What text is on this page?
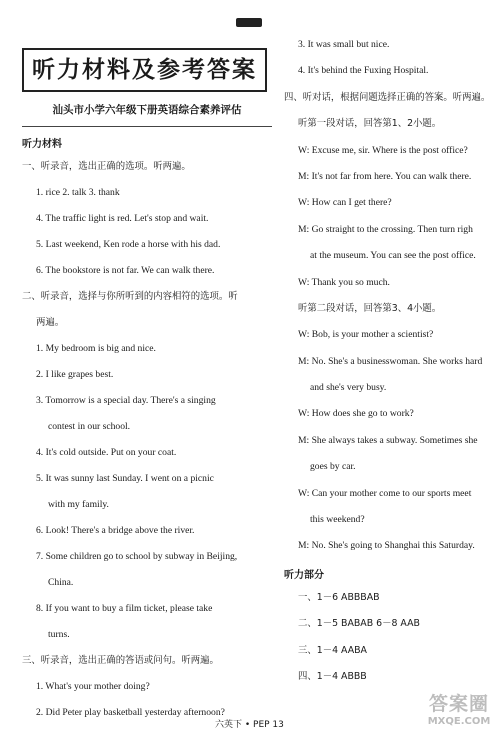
听力材料及参考答案
汕头市小学六年级下册英语综合素养评估
听力材料
一、听录音，选出正确的选项。听两遍。
1. rice 2. talk 3. thank
4. The traffic light is red. Let's stop and wait.
5. Last weekend, Ken rode a horse with his dad.
6. The bookstore is not far. We can walk there.
二、听录音，选择与你所听到的内容相符的选项。听
两遍。
1. My bedroom is big and nice.
2. I like grapes best.
3. Tomorrow is a special day. There's a singing
contest in our school.
4. It's cold outside. Put on your coat.
5. It was sunny last Sunday. I went on a picnic
with my family.
6. Look! There's a bridge above the river.
7. Some children go to school by subway in Beijing,
China.
8. If you want to buy a film ticket, please take
turns.
三、听录音，选出正确的答语或问句。听两遍。
1. What's your mother doing?
2. Did Peter play basketball yesterday afternoon?
3. It was small but nice.
4. It's behind the Fuxing Hospital.
四、听对话，根据问题选择正确的答案。听两遍。
听第一段对话，回答第1、2小题。
W: Excuse me, sir. Where is the post office?
M: It's not far from here. You can walk there.
W: How can I get there?
M: Go straight to the crossing. Then turn righ
at the museum. You can see the post office.
W: Thank you so much.
听第二段对话，回答第3、4小题。
W: Bob, is your mother a scientist?
M: No. She's a businesswoman. She works hard
and she's very busy.
W: How does she go to work?
M: She always takes a subway. Sometimes she
goes by car.
W: Can your mother come to our sports meet
this weekend?
M: No. She's going to Shanghai this Saturday.
听力部分
一、1－6 ABBBAB
二、1－5 BABAB 6－8 AAB
三、1－4 AABA
四、1－4 ABBB
六英下 • PEP 13
答案圈
MXQE.COM
